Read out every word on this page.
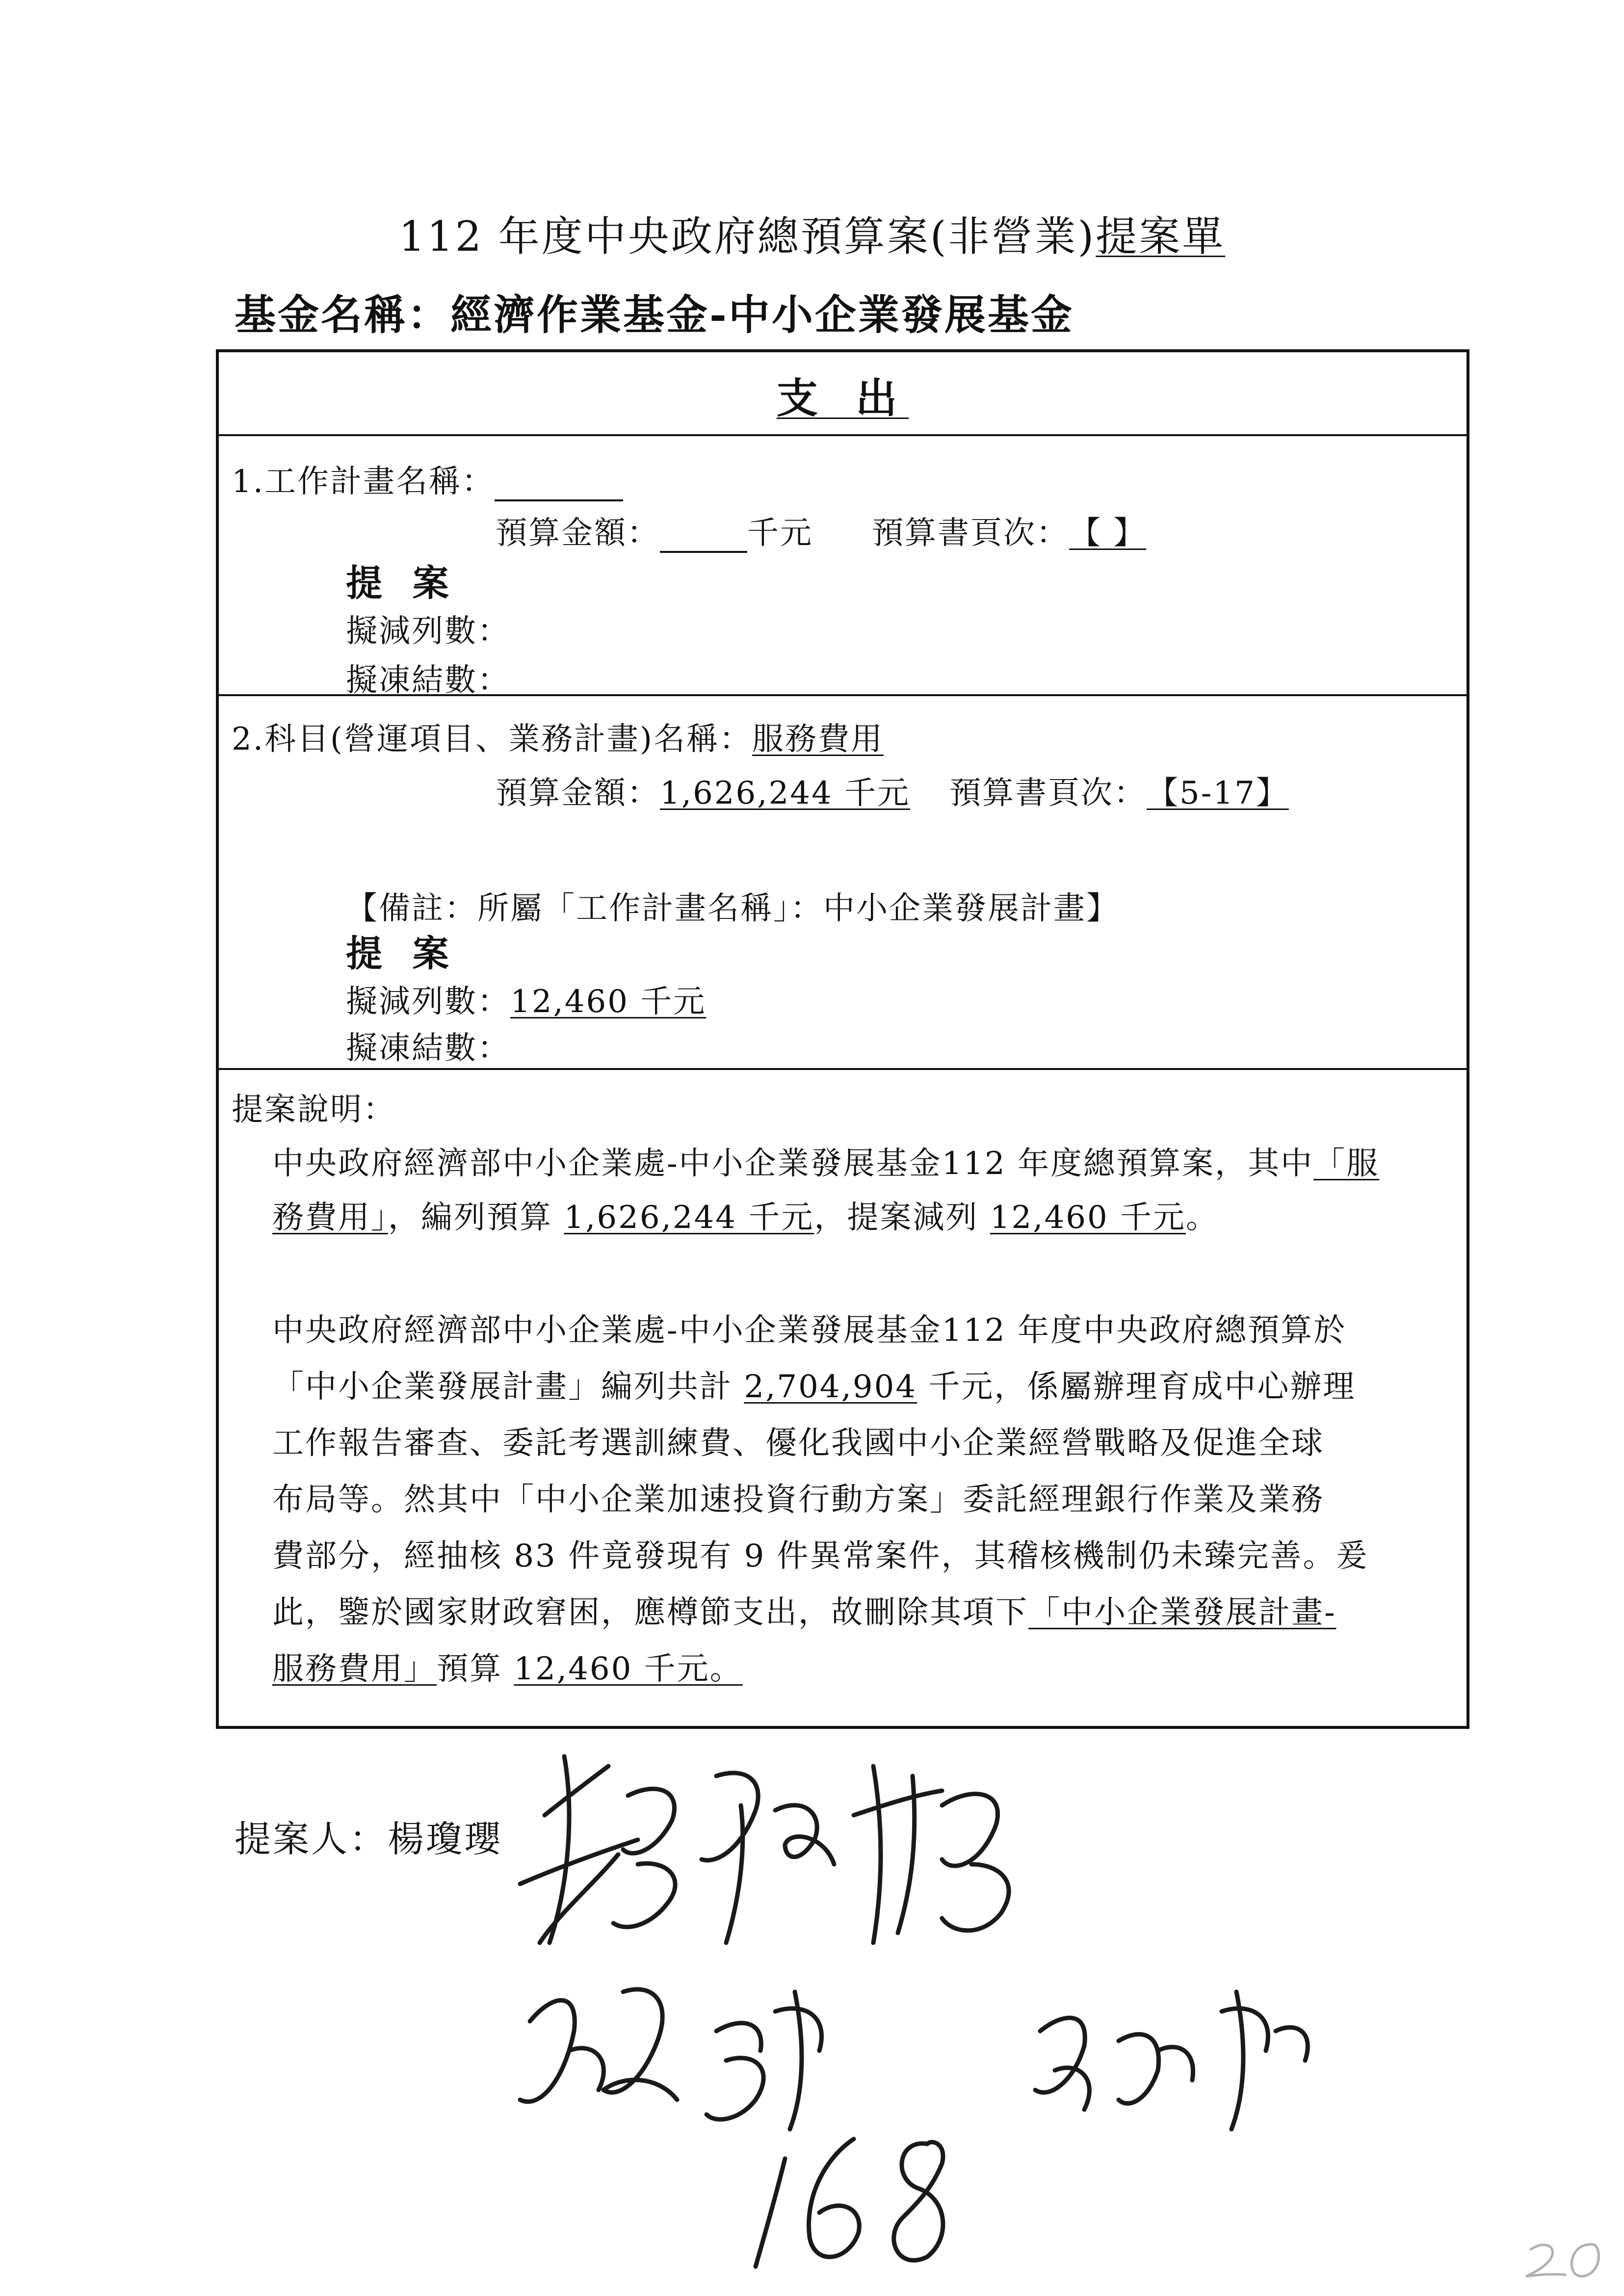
112 年度中央政府總預算案(非營業)提案單
基金名稱：經濟作業基金-中小企業發展基金
支 出
1.工作計畫名稱：
預算金額：	千元 預算書頁次：【 】
提 案
擬減列數：
擬凍結數：
2.科目(營運項目、業務計畫)名稱：服務費用
預算金額：1,626,244 千元 預算書頁次：【5-17】
【備註：所屬「工作計畫名稱」：中小企業發展計畫】
提 案
擬減列數：12,460 千元
擬凍結數：
提案說明：
中央政府經濟部中小企業處-中小企業發展基金112 年度總預算案，其中「服
務費用」，編列預算 1,626,244 千元，提案減列 12,460 千元。
中央政府經濟部中小企業處-中小企業發展基金112 年度中央政府總預算於
「中小企業發展計畫」編列共計 2,704,904 千元，係屬辦理育成中心辦理
工作報告審查、委託考選訓練費、優化我國中小企業經營戰略及促進全球
布局等。然其中「中小企業加速投資行動方案」委託經理銀行作業及業務
費部分，經抽核 83 件竟發現有 9 件異常案件，其稽核機制仍未臻完善。爰
此，鑒於國家財政窘困，應樽節支出，故刪除其項下「中小企業發展計畫-
服務費用」預算 12,460 千元。
提案人：楊瓊瓔
